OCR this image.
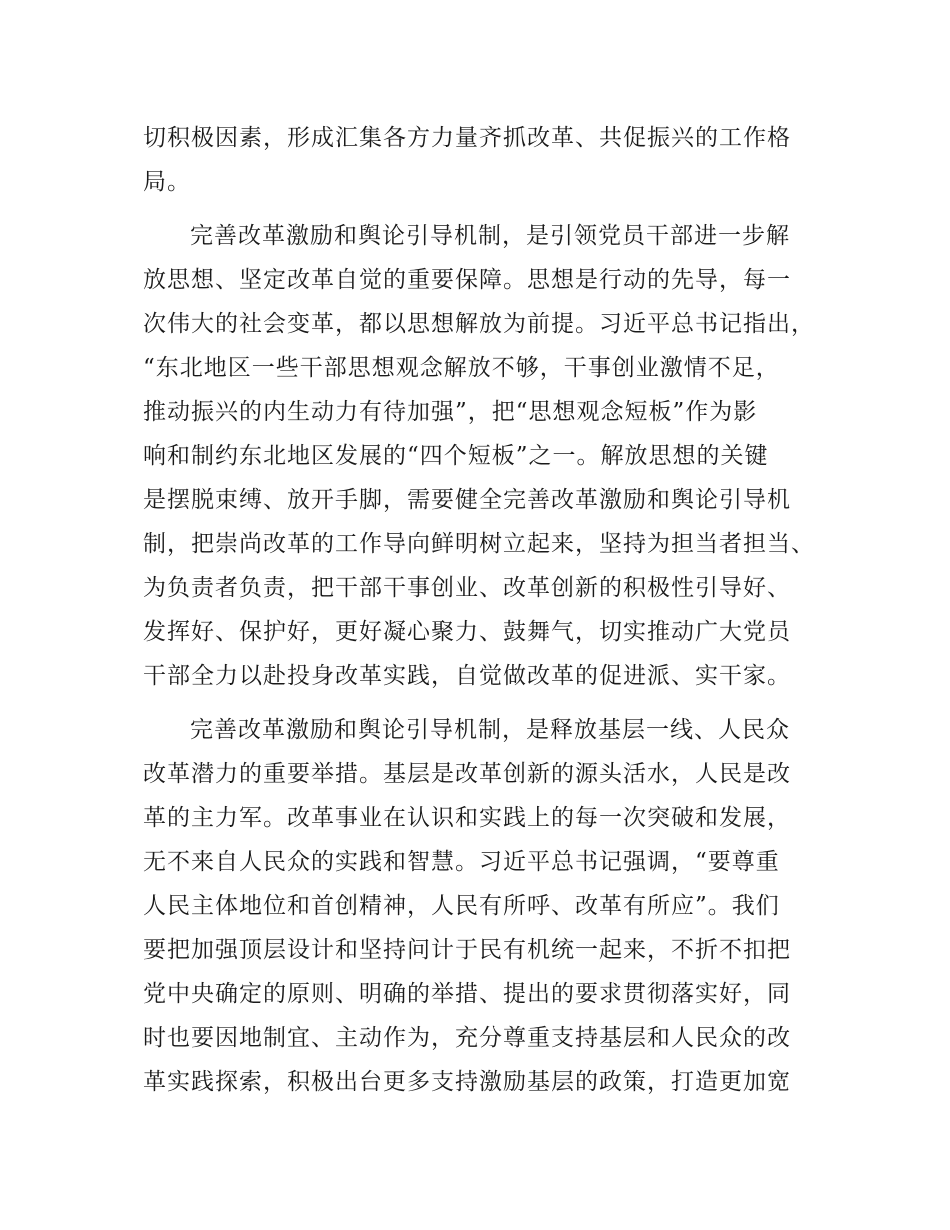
切积极因素，形成汇集各方力量齐抓改革、共促振兴的工作格
局。
完善改革激励和舆论引导机制，是引领党员干部进一步解
放思想、坚定改革自觉的重要保障。思想是行动的先导，每一
次伟大的社会变革，都以思想解放为前提。习近平总书记指出，
“东北地区一些干部思想观念解放不够，干事创业激情不足，
推动振兴的内生动力有待加强”，把“思想观念短板”作为影
响和制约东北地区发展的“四个短板”之一。解放思想的关键
是摆脱束缚、放开手脚，需要健全完善改革激励和舆论引导机
制，把崇尚改革的工作导向鲜明树立起来，坚持为担当者担当、
为负责者负责，把干部干事创业、改革创新的积极性引导好、
发挥好、保护好，更好凝心聚力、鼓舞气，切实推动广大党员
干部全力以赴投身改革实践，自觉做改革的促进派、实干家。
完善改革激励和舆论引导机制，是释放基层一线、人民众
改革潜力的重要举措。基层是改革创新的源头活水，人民是改
革的主力军。改革事业在认识和实践上的每一次突破和发展，
无不来自人民众的实践和智慧。习近平总书记强调，“要尊重
人民主体地位和首创精神，人民有所呼、改革有所应”。我们
要把加强顶层设计和坚持问计于民有机统一起来，不折不扣把
党中央确定的原则、明确的举措、提出的要求贯彻落实好，同
时也要因地制宜、主动作为，充分尊重支持基层和人民众的改
革实践探索，积极出台更多支持激励基层的政策，打造更加宽
